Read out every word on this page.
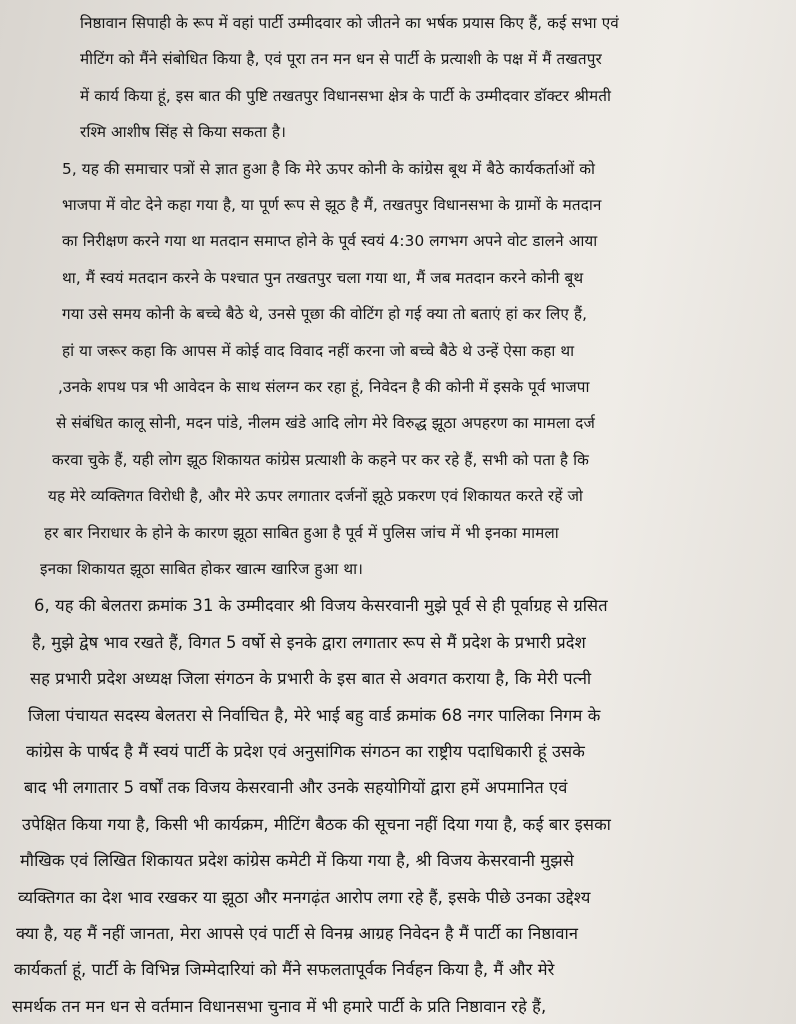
निष्ठावान सिपाही के रूप में वहां पार्टी उम्मीदवार को जीतने का भर्षक प्रयास किए हैं, कई सभा एवं
मीटिंग को मैंने संबोधित किया है, एवं पूरा तन मन धन से पार्टी के प्रत्याशी के पक्ष में मैं तखतपुर
में कार्य किया हूं, इस बात की पुष्टि तखतपुर विधानसभा क्षेत्र के पार्टी के उम्मीदवार डॉक्टर श्रीमती
रश्मि आशीष सिंह से किया सकता है।
5, यह की समाचार पत्रों से ज्ञात हुआ है कि मेरे ऊपर कोनी के कांग्रेस बूथ में बैठे कार्यकर्ताओं को
भाजपा में वोट देने कहा गया है, या पूर्ण रूप से झूठ है मैं, तखतपुर विधानसभा के ग्रामों के मतदान
का निरीक्षण करने गया था मतदान समाप्त होने के पूर्व स्वयं 4:30 लगभग अपने वोट डालने आया
था, मैं स्वयं मतदान करने के पश्चात पुन तखतपुर चला गया था, मैं जब मतदान करने कोनी बूथ
गया उसे समय कोनी के बच्चे बैठे थे, उनसे पूछा की वोटिंग हो गई क्या तो बताएं हां कर लिए हैं,
हां या जरूर कहा कि आपस में कोई वाद विवाद नहीं करना जो बच्चे बैठे थे उन्हें ऐसा कहा था
,उनके शपथ पत्र भी आवेदन के साथ संलग्न कर रहा हूं, निवेदन है की कोनी में इसके पूर्व भाजपा
से संबंधित कालू सोनी, मदन पांडे, नीलम खंडे आदि लोग मेरे विरुद्ध झूठा अपहरण का मामला दर्ज
करवा चुके हैं, यही लोग झूठ शिकायत कांग्रेस प्रत्याशी के कहने पर कर रहे हैं, सभी को पता है कि
यह मेरे व्यक्तिगत विरोधी है, और मेरे ऊपर लगातार दर्जनों झूठे प्रकरण एवं शिकायत करते रहें जो
हर बार निराधार के होने के कारण झूठा साबित हुआ है पूर्व में पुलिस जांच में भी इनका मामला
इनका शिकायत झूठा साबित होकर खात्म खारिज हुआ था।
6, यह की बेलतरा क्रमांक 31 के उम्मीदवार श्री विजय केसरवानी मुझे पूर्व से ही पूर्वाग्रह से ग्रसित
है, मुझे द्वेष भाव रखते हैं, विगत 5 वर्षो से इनके द्वारा लगातार रूप से मैं प्रदेश के प्रभारी प्रदेश
सह प्रभारी प्रदेश अध्यक्ष जिला संगठन के प्रभारी के इस बात से अवगत कराया है, कि मेरी पत्नी
जिला पंचायत सदस्य बेलतरा से निर्वाचित है, मेरे भाई बहु वार्ड क्रमांक 68 नगर पालिका निगम के
कांग्रेस के पार्षद है मैं स्वयं पार्टी के प्रदेश एवं अनुसांगिक संगठन का राष्ट्रीय पदाधिकारी हूं उसके
बाद भी लगातार 5 वर्षों तक विजय केसरवानी और उनके सहयोगियों द्वारा हमें अपमानित एवं
उपेक्षित किया गया है, किसी भी कार्यक्रम, मीटिंग बैठक की सूचना नहीं दिया गया है, कई बार इसका
मौखिक एवं लिखित शिकायत प्रदेश कांग्रेस कमेटी में किया गया है, श्री विजय केसरवानी मुझसे
व्यक्तिगत का देश भाव रखकर या झूठा और मनगढ़ंत आरोप लगा रहे हैं, इसके पीछे उनका उद्देश्य
क्या है, यह मैं नहीं जानता, मेरा आपसे एवं पार्टी से विनम्र आग्रह निवेदन है मैं पार्टी का निष्ठावान
कार्यकर्ता हूं, पार्टी के विभिन्न जिम्मेदारियां को मैंने सफलतापूर्वक निर्वहन किया है, मैं और मेरे
समर्थक तन मन धन से वर्तमान विधानसभा चुनाव में भी हमारे पार्टी के प्रति निष्ठावान रहे हैं,
